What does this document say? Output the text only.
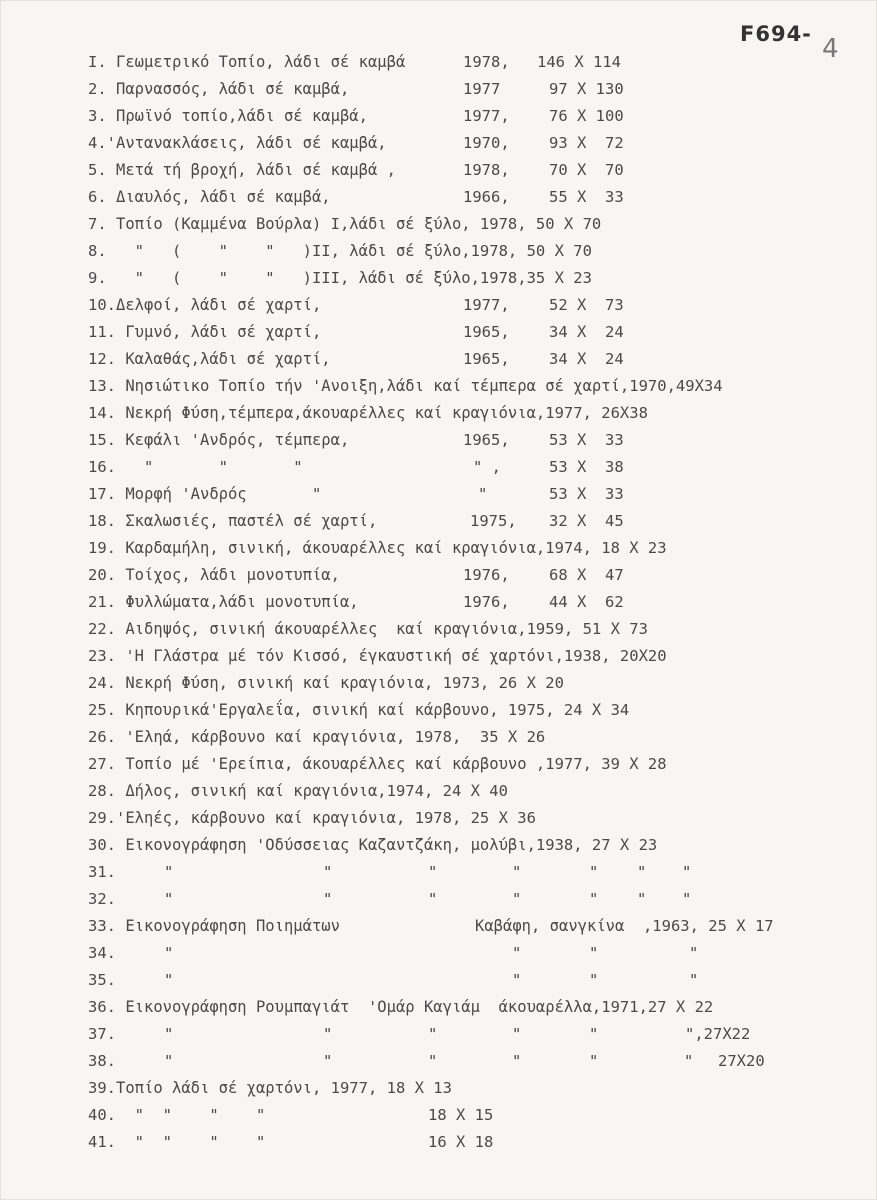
F694- 4
I. Γεωμετρικό Τοπίο, λάδι σέ καμβά	1978, 146 Χ 114
2. Παρνασσός, λάδι σέ καμβά,	1977	97 Χ 130
3. Πρωϊνό τοπίο,λάδι σέ καμβά,	1977,	76 Χ 100
4.'Αντανακλάσεις, λάδι σέ καμβά,	1970,	93 Χ  72
5. Μετά τή βροχή, λάδι σέ καμβά ,	1978,	70 Χ  70
6. Διαυλός, λάδι σέ καμβά,	1966,	55 Χ  33
7. Τοπίο (Καμμένα Βούρλα) I,λάδι σέ ξύλο, 1978, 50 Χ 70
8.   "   (    "    "   )II, λάδι σέ ξύλο,1978, 50 Χ 70
9.   "   (    "    "   )III, λάδι σέ ξύλο,1978,35 Χ 23
10.Δελφοί, λάδι σέ χαρτί,	1977,	52 Χ  73
11. Γυμνό, λάδι σέ χαρτί,	1965,	34 Χ  24
12. Καλαθάς,λάδι σέ χαρτί,	1965,	34 Χ  24
13. Νησιώτικο Τοπίο τήν 'Ανοιξη,λάδι καί τέμπερα σέ χαρτί,1970,49Χ34
14. Νεκρή Φύση,τέμπερα,άκουαρέλλες καί κραγιόνια,1977, 26Χ38
15. Κεφάλι 'Ανδρός, τέμπερα,	1965,	53 Χ  33
16.   "       "       "	" ,	53 Χ  38
17. Μορφή 'Ανδρός       "	"	53 Χ  33
18. Σκαλωσιές, παστέλ σέ χαρτί,	1975, 32 Χ  45
19. Καρδαμήλη, σινική, άκουαρέλλες καί κραγιόνια,1974, 18 Χ 23
20. Τοίχος, λάδι μονοτυπία,	1976,	68 Χ  47
21. Φυλλώματα,λάδι μονοτυπία,	1976,	44 Χ  62
22. Αιδηψός, σινική άκουαρέλλες  καί κραγιόνια,1959, 51 Χ 73
23. 'Η Γλάστρα μέ τόν Κισσό, έγκαυστική σέ χαρτόνι,1938, 20Χ20
24. Νεκρή Φύση, σινική καί κραγιόνια, 1973, 26 Χ 20
25. Κηπουρικά'Εργαλεΐα, σινική καί κάρβουνο, 1975, 24 Χ 34
26. 'Εληά, κάρβουνο καί κραγιόνια, 1978,  35 Χ 26
27. Τοπίο μέ 'Ερείπια, άκουαρέλλες καί κάρβουνο ,1977, 39 Χ 28
28. Δήλος, σινική καί κραγιόνια,1974, 24 Χ 40
29.'Εληές, κάρβουνο καί κραγιόνια, 1978, 25 Χ 36
30. Εικονογράφηση 'Οδύσσειας Καζαντζάκη, μολύβι,1938, 27 Χ 23
31.	"	"	"	"	" " "
32.	"	"	"	"	" " "
33. Εικονογράφηση Ποιημάτων	Καβάφη, σανγκίνα  ,1963, 25 Χ 17
34.	"	"	"	"
35.	"	"	"	"
36. Εικονογράφηση Ρουμπαγιάτ  'Ομάρ Καγιάμ  άκουαρέλλα,1971,27 Χ 22
37.	"	"	"	"	"	",27Χ22
38.	"	"	"	"	"	" 27Χ20
39.Τοπίο λάδι σέ χαρτόνι, 1977, 18 Χ 13
40.  "  "    "    "	18 Χ 15
41.  "  "    "    "	16 Χ 18
